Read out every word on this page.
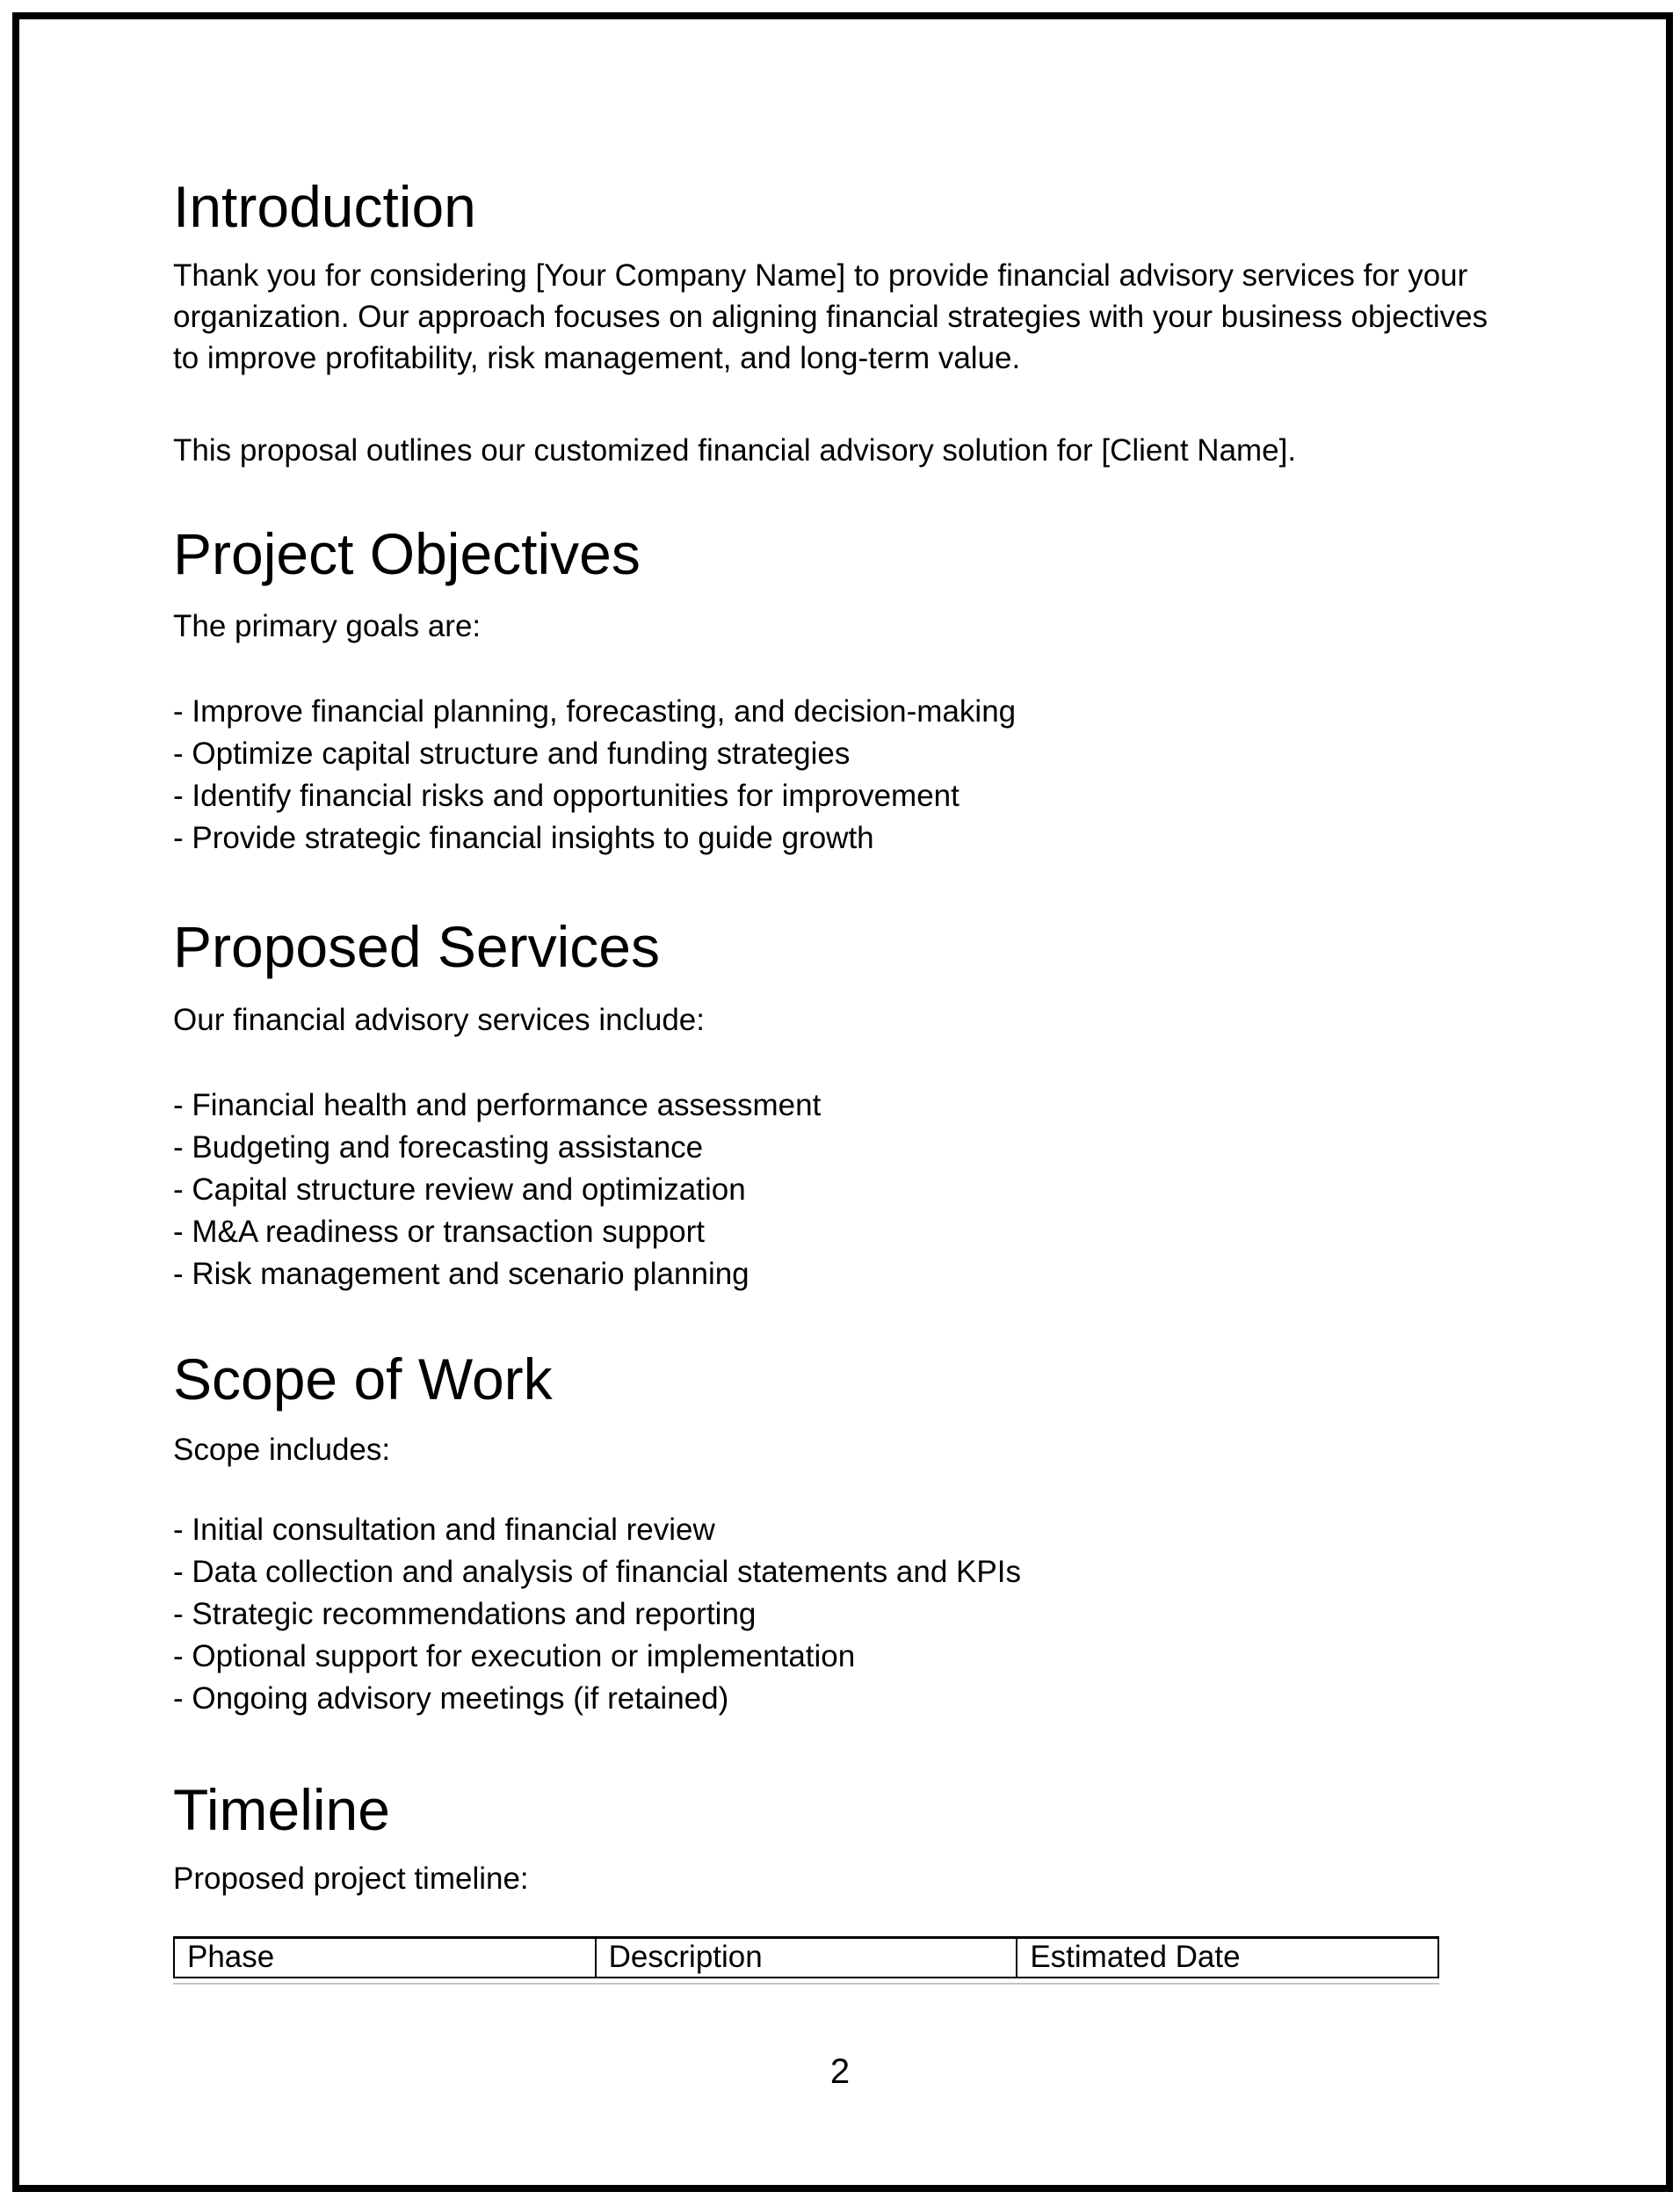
Introduction

Thank you for considering [Your Company Name] to provide financial advisory services for your organization. Our approach focuses on aligning financial strategies with your business objectives to improve profitability, risk management, and long-term value.

This proposal outlines our customized financial advisory solution for [Client Name].

Project Objectives

The primary goals are:

- Improve financial planning, forecasting, and decision-making

- Optimize capital structure and funding strategies

- Identify financial risks and opportunities for improvement

- Provide strategic financial insights to guide growth

Proposed Services

Our financial advisory services include:

- Financial health and performance assessment

- Budgeting and forecasting assistance

- Capital structure review and optimization

- M&A readiness or transaction support

- Risk management and scenario planning

Scope of Work

Scope includes:

- Initial consultation and financial review

- Data collection and analysis of financial statements and KPIs

- Strategic recommendations and reporting

- Optional support for execution or implementation

- Ongoing advisory meetings (if retained)

Timeline

Proposed project timeline:

Phase	Description	Estimated Date
2
